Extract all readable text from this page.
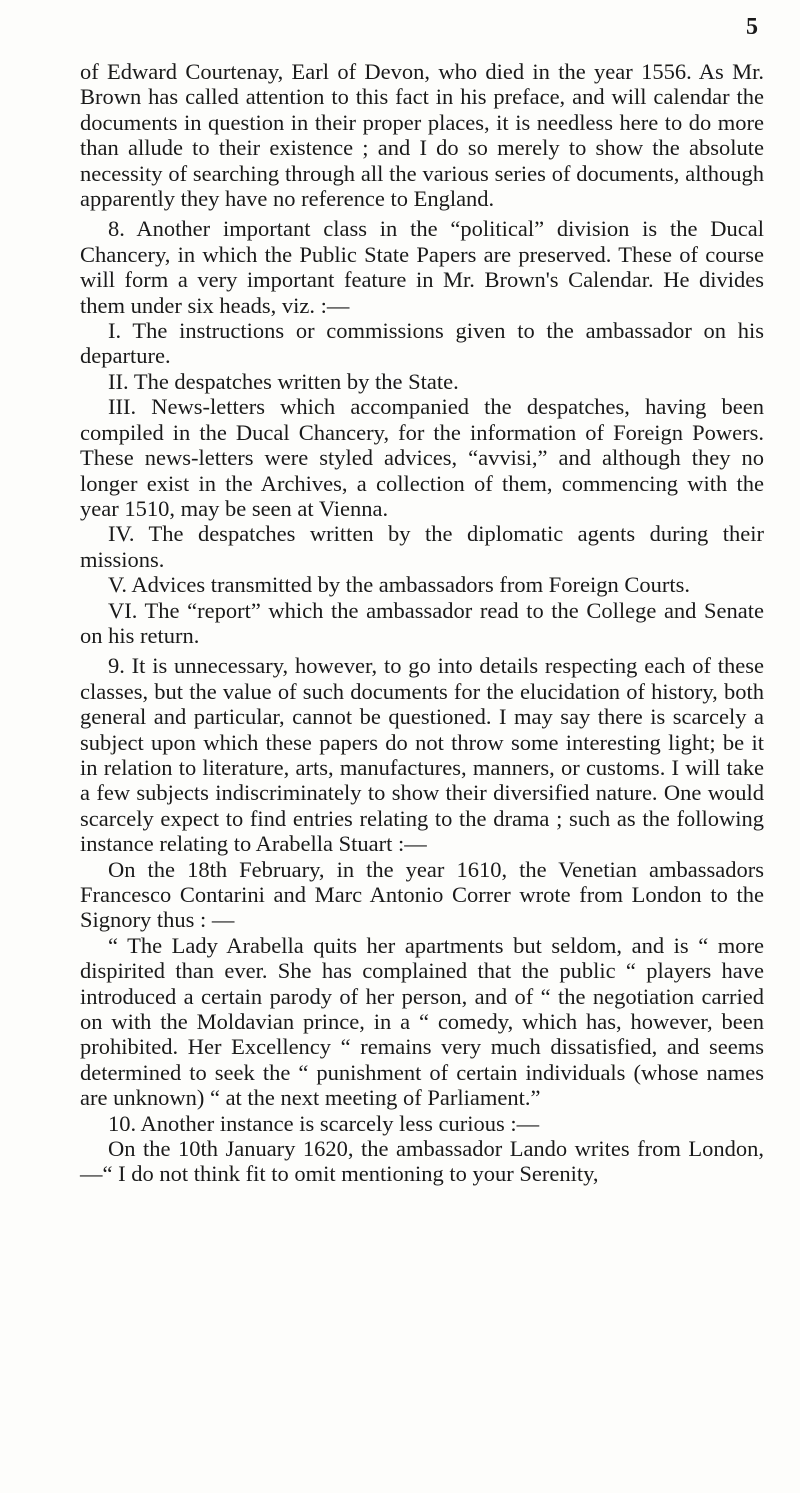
5

of Edward Courtenay, Earl of Devon, who died in the year 1556. As Mr. Brown has called attention to this fact in his preface, and will calendar the documents in question in their proper places, it is needless here to do more than allude to their existence ; and I do so merely to show the absolute necessity of searching through all the various series of documents, although apparently they have no reference to England.

8. Another important class in the “political” division is the Ducal Chancery, in which the Public State Papers are preserved. These of course will form a very important feature in Mr. Brown's Calendar. He divides them under six heads, viz. :—

I. The instructions or commissions given to the ambassador on his departure.

II. The despatches written by the State.

III. News-letters which accompanied the despatches, having been compiled in the Ducal Chancery, for the information of Foreign Powers. These news-letters were styled advices, “avvisi,” and although they no longer exist in the Archives, a collection of them, commencing with the year 1510, may be seen at Vienna.

IV. The despatches written by the diplomatic agents during their missions.

V. Advices transmitted by the ambassadors from Foreign Courts.

VI. The “report” which the ambassador read to the College and Senate on his return.

9. It is unnecessary, however, to go into details respecting each of these classes, but the value of such documents for the elucidation of history, both general and particular, cannot be questioned. I may say there is scarcely a subject upon which these papers do not throw some interesting light; be it in relation to literature, arts, manufactures, manners, or customs. I will take a few subjects indiscriminately to show their diversified nature. One would scarcely expect to find entries relating to the drama ; such as the following instance relating to Arabella Stuart :—

On the 18th February, in the year 1610, the Venetian ambassadors Francesco Contarini and Marc Antonio Correr wrote from London to the Signory thus : —

“ The Lady Arabella quits her apartments but seldom, and is “ more dispirited than ever. She has complained that the public “ players have introduced a certain parody of her person, and of “ the negotiation carried on with the Moldavian prince, in a “ comedy, which has, however, been prohibited. Her Excellency “ remains very much dissatisfied, and seems determined to seek the “ punishment of certain individuals (whose names are unknown) “ at the next meeting of Parliament.”

10. Another instance is scarcely less curious :—

On the 10th January 1620, the ambassador Lando writes from London,—“ I do not think fit to omit mentioning to your Serenity,
